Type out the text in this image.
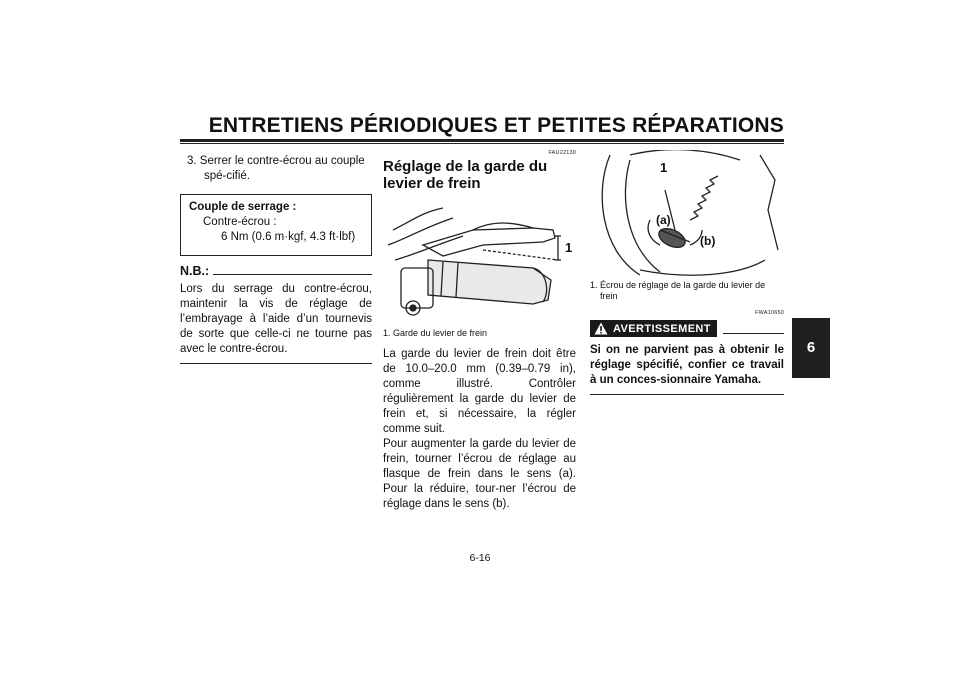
ENTRETIENS PÉRIODIQUES ET PETITES RÉPARATIONS

3. Serrer le contre-écrou au couple spé-cifié.

Couple de serrage :
Contre-écrou :
6 Nm (0.6 m·kgf, 4.3 ft·lbf)
N.B.:
Lors du serrage du contre-écrou, maintenir la vis de réglage de l’embrayage à l’aide d’un tournevis de sorte que celle-ci ne tourne pas avec le contre-écrou.
FAU22130
Réglage de la garde du levier de frein
1
1. Garde du levier de frein
La garde du levier de frein doit être de 10.0–20.0 mm (0.39–0.79 in), comme illustré. Contrôler régulièrement la garde du levier de frein et, si nécessaire, la régler comme suit.
Pour augmenter la garde du levier de frein, tourner l’écrou de réglage au flasque de frein dans le sens (a). Pour la réduire, tour-ner l’écrou de réglage dans le sens (b).
1
(a)
(b)
1. Écrou de réglage de la garde du levier de frein
FWA10650
AVERTISSEMENT
Si on ne parvient pas à obtenir le réglage spécifié, confier ce travail à un conces-sionnaire Yamaha.
6
6-16
